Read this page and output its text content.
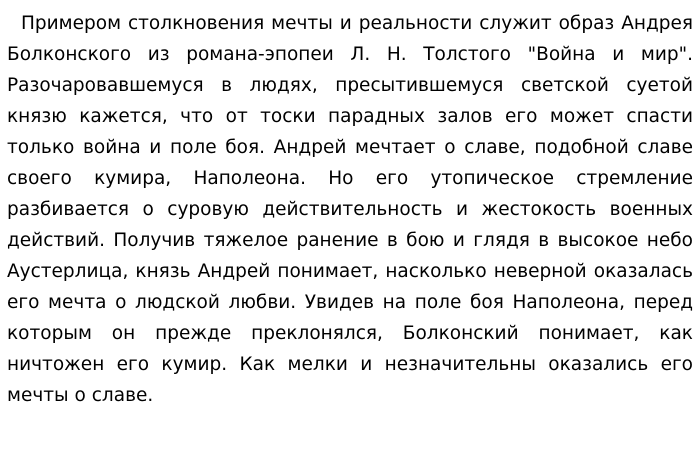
Примером столкновения мечты и реальности служит образ Андрея Болконского из романа-эпопеи Л. Н. Толстого "Война и мир". Разочаровавшемуся в людях, пресытившемуся светской суетой князю кажется, что от тоски парадных залов его может спасти только война и поле боя. Андрей мечтает о славе, подобной славе своего кумира, Наполеона. Но его утопическое стремление разбивается о суровую действительность и жестокость военных действий. Получив тяжелое ранение в бою и глядя в высокое небо Аустерлица, князь Андрей понимает, насколько неверной оказалась его мечта о людской любви. Увидев на поле боя Наполеона, перед которым он прежде преклонялся, Болконский понимает, как ничтожен его кумир. Как мелки и незначительны оказались его мечты о славе.
